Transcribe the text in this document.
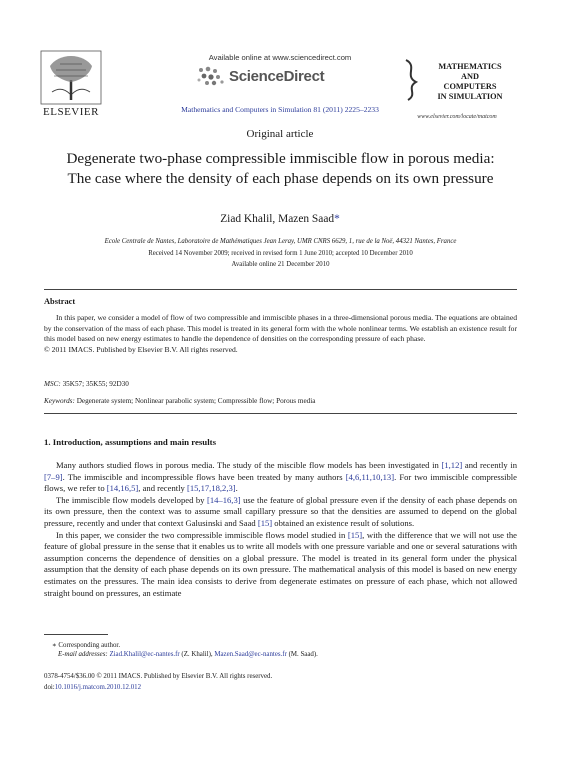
Available online at www.sciencedirect.com
ScienceDirect
ELSEVIER
MATHEMATICS
AND
COMPUTERS
IN SIMULATION
www.elsevier.com/locate/matcom
Mathematics and Computers in Simulation 81 (2011) 2225–2233
Original article
Degenerate two-phase compressible immiscible flow in porous media: The case where the density of each phase depends on its own pressure
Ziad Khalil, Mazen Saad*
Ecole Centrale de Nantes, Laboratoire de Mathématiques Jean Leray, UMR CNRS 6629, 1, rue de la Noë, 44321 Nantes, France
Received 14 November 2009; received in revised form 1 June 2010; accepted 10 December 2010
Available online 21 December 2010
Abstract

In this paper, we consider a model of flow of two compressible and immiscible phases in a three-dimensional porous media. The equations are obtained by the conservation of the mass of each phase. This model is treated in its general form with the whole nonlinear terms. We establish an existence result for this model based on new energy estimates to handle the dependence of densities on the corresponding pressure of each phase.

© 2011 IMACS. Published by Elsevier B.V. All rights reserved.

MSC: 35K57; 35K55; 92D30
Keywords: Degenerate system; Nonlinear parabolic system; Compressible flow; Porous media
1. Introduction, assumptions and main results

Many authors studied flows in porous media. The study of the miscible flow models has been investigated in [1,12] and recently in [7–9]. The immiscible and incompressible flows have been treated by many authors [4,6,11,10,13]. For two immiscible compressible flows, we refer to [14,16,5], and recently [15,17,18,2,3].

The immiscible flow models developed by [14–16,3] use the feature of global pressure even if the density of each phase depends on its own pressure, then the context was to assume small capillary pressure so that the densities are assumed to depend on the global pressure, recently and under that context Galusinski and Saad [15] obtained an existence result of solutions.

In this paper, we consider the two compressible immiscible flows model studied in [15], with the difference that we will not use the feature of global pressure in the sense that it enables us to write all models with one pressure variable and one or several saturations with assumption concerns the dependence of densities on a global pressure. The model is treated in its general form under the physical assumption that the density of each phase depends on its own pressure. The mathematical analysis of this model is based on new energy estimates on the pressures. The main idea consists to derive from degenerate estimates on pressure of each phase, which not allowed straight bound on pressures, an estimate

∗ Corresponding author.
E-mail addresses: Ziad.Khalil@ec-nantes.fr (Z. Khalil), Mazen.Saad@ec-nantes.fr (M. Saad).
0378-4754/$36.00 © 2011 IMACS. Published by Elsevier B.V. All rights reserved.
doi:10.1016/j.matcom.2010.12.012
